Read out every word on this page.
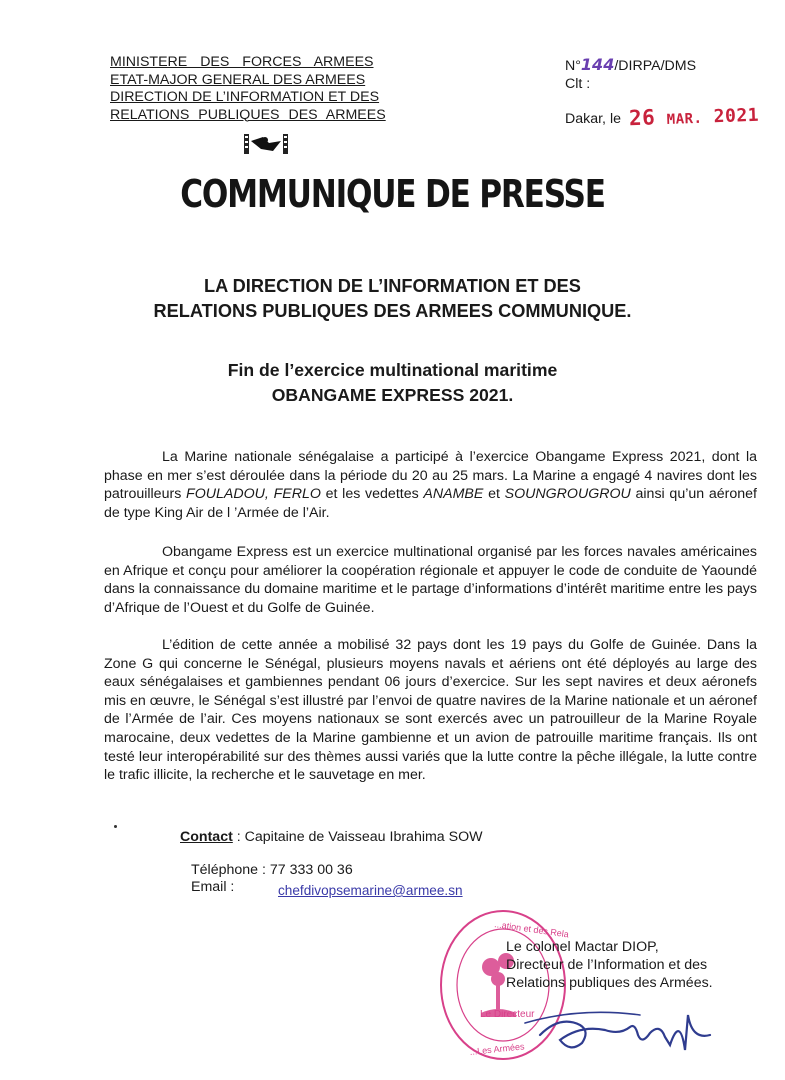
MINISTERE DES FORCES ARMEES
ETAT-MAJOR GENERAL DES ARMEES
DIRECTION DE L’INFORMATION ET DES
RELATIONS PUBLIQUES DES ARMEES
N°144/DIRPA/DMS
Clt :
Dakar, le 26 MAR. 2021
COMMUNIQUE DE PRESSE
LA DIRECTION DE L’INFORMATION ET DES
RELATIONS PUBLIQUES DES ARMEES COMMUNIQUE.
Fin de l’exercice multinational maritime
OBANGAME EXPRESS 2021.

La Marine nationale sénégalaise a participé à l’exercice Obangame Express 2021, dont la phase en mer s’est déroulée dans la période du 20 au 25 mars. La Marine a engagé 4 navires dont les patrouilleurs FOULADOU, FERLO et les vedettes ANAMBE et SOUNGROUGROU ainsi qu’un aéronef de type King Air de l ’Armée de l’Air.

Obangame Express est un exercice multinational organisé par les forces navales américaines en Afrique et conçu pour améliorer la coopération régionale et appuyer le code de conduite de Yaoundé dans la connaissance du domaine maritime et le partage d’informations d’intérêt maritime entre les pays d’Afrique de l’Ouest et du Golfe de Guinée.

L’édition de cette année a mobilisé 32 pays dont les 19 pays du Golfe de Guinée. Dans la Zone G qui concerne le Sénégal, plusieurs moyens navals et aériens ont été déployés au large des eaux sénégalaises et gambiennes pendant 06 jours d’exercice. Sur les sept navires et deux aéronefs mis en œuvre, le Sénégal s’est illustré par l’envoi de quatre navires de la Marine nationale et un aéronef de l’Armée de l’air. Ces moyens nationaux se sont exercés avec un patrouilleur de la Marine Royale marocaine, deux vedettes de la Marine gambienne et un avion de patrouille maritime français. Ils ont testé leur interopérabilité sur des thèmes aussi variés que la lutte contre la pêche illégale, la lutte contre le trafic illicite, la recherche et le sauvetage en mer.

Contact : Capitaine de Vaisseau Ibrahima SOW
Téléphone : 77 333 00 36
Email :	chefdivopsemarine@armee.sn
...ation et des Rela
...Les Armées
Le Directeur
Le colonel Mactar DIOP,
Directeur de l’Information et des
Relations publiques des Armées.
